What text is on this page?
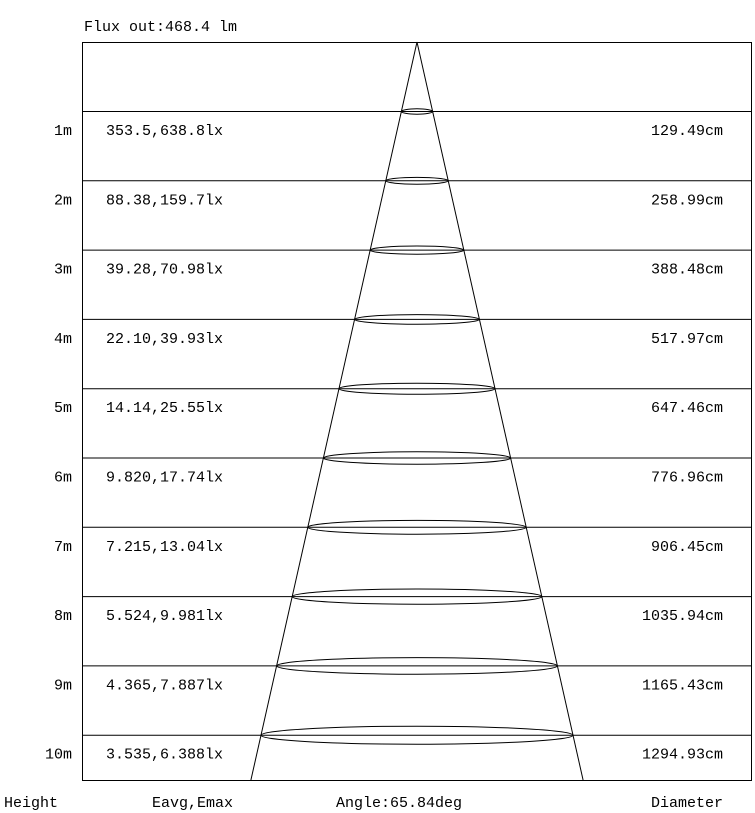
1m 353.5,638.8lx	129.49cm
2m 88.38,159.7lx	258.99cm
3m 39.28,70.98lx	388.48cm
4m 22.10,39.93lx	517.97cm
5m 14.14,25.55lx	647.46cm
6m 9.820,17.74lx	776.96cm
7m 7.215,13.04lx	906.45cm
8m 5.524,9.981lx	1035.94cm
9m 4.365,7.887lx	1165.43cm
10m 3.535,6.388lx	1294.93cm
Flux out:468.4 lm
Height	Eavg,Emax	Angle:65.84deg	Diameter
